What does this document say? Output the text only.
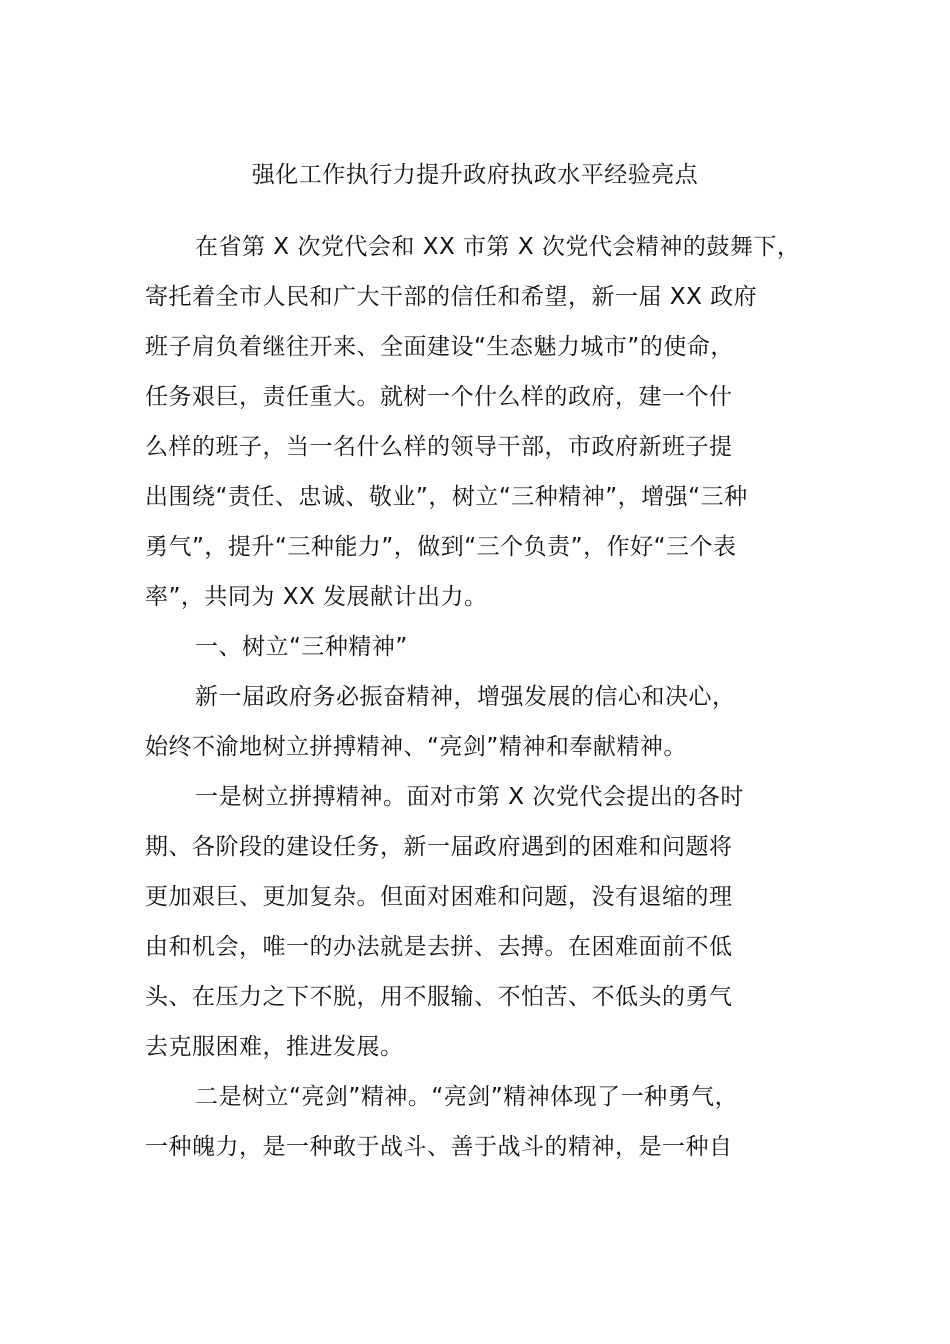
强化工作执行力提升政府执政水平经验亮点
在省第 X 次党代会和 XX 市第 X 次党代会精神的鼓舞下，
寄托着全市人民和广大干部的信任和希望，新一届 XX 政府
班子肩负着继往开来、全面建设“生态魅力城市”的使命，
任务艰巨，责任重大。就树一个什么样的政府，建一个什
么样的班子，当一名什么样的领导干部，市政府新班子提
出围绕“责任、忠诚、敬业”，树立“三种精神”，增强“三种
勇气”，提升“三种能力”，做到“三个负责”，作好“三个表
率”，共同为 XX 发展献计出力。
一、树立“三种精神”
新一届政府务必振奋精神，增强发展的信心和决心，
始终不渝地树立拼搏精神、“亮剑”精神和奉献精神。
一是树立拼搏精神。面对市第 X 次党代会提出的各时
期、各阶段的建设任务，新一届政府遇到的困难和问题将
更加艰巨、更加复杂。但面对困难和问题，没有退缩的理
由和机会，唯一的办法就是去拼、去搏。在困难面前不低
头、在压力之下不脱，用不服输、不怕苦、不低头的勇气
去克服困难，推进发展。
二是树立“亮剑”精神。“亮剑”精神体现了一种勇气，
一种魄力，是一种敢于战斗、善于战斗的精神，是一种自
